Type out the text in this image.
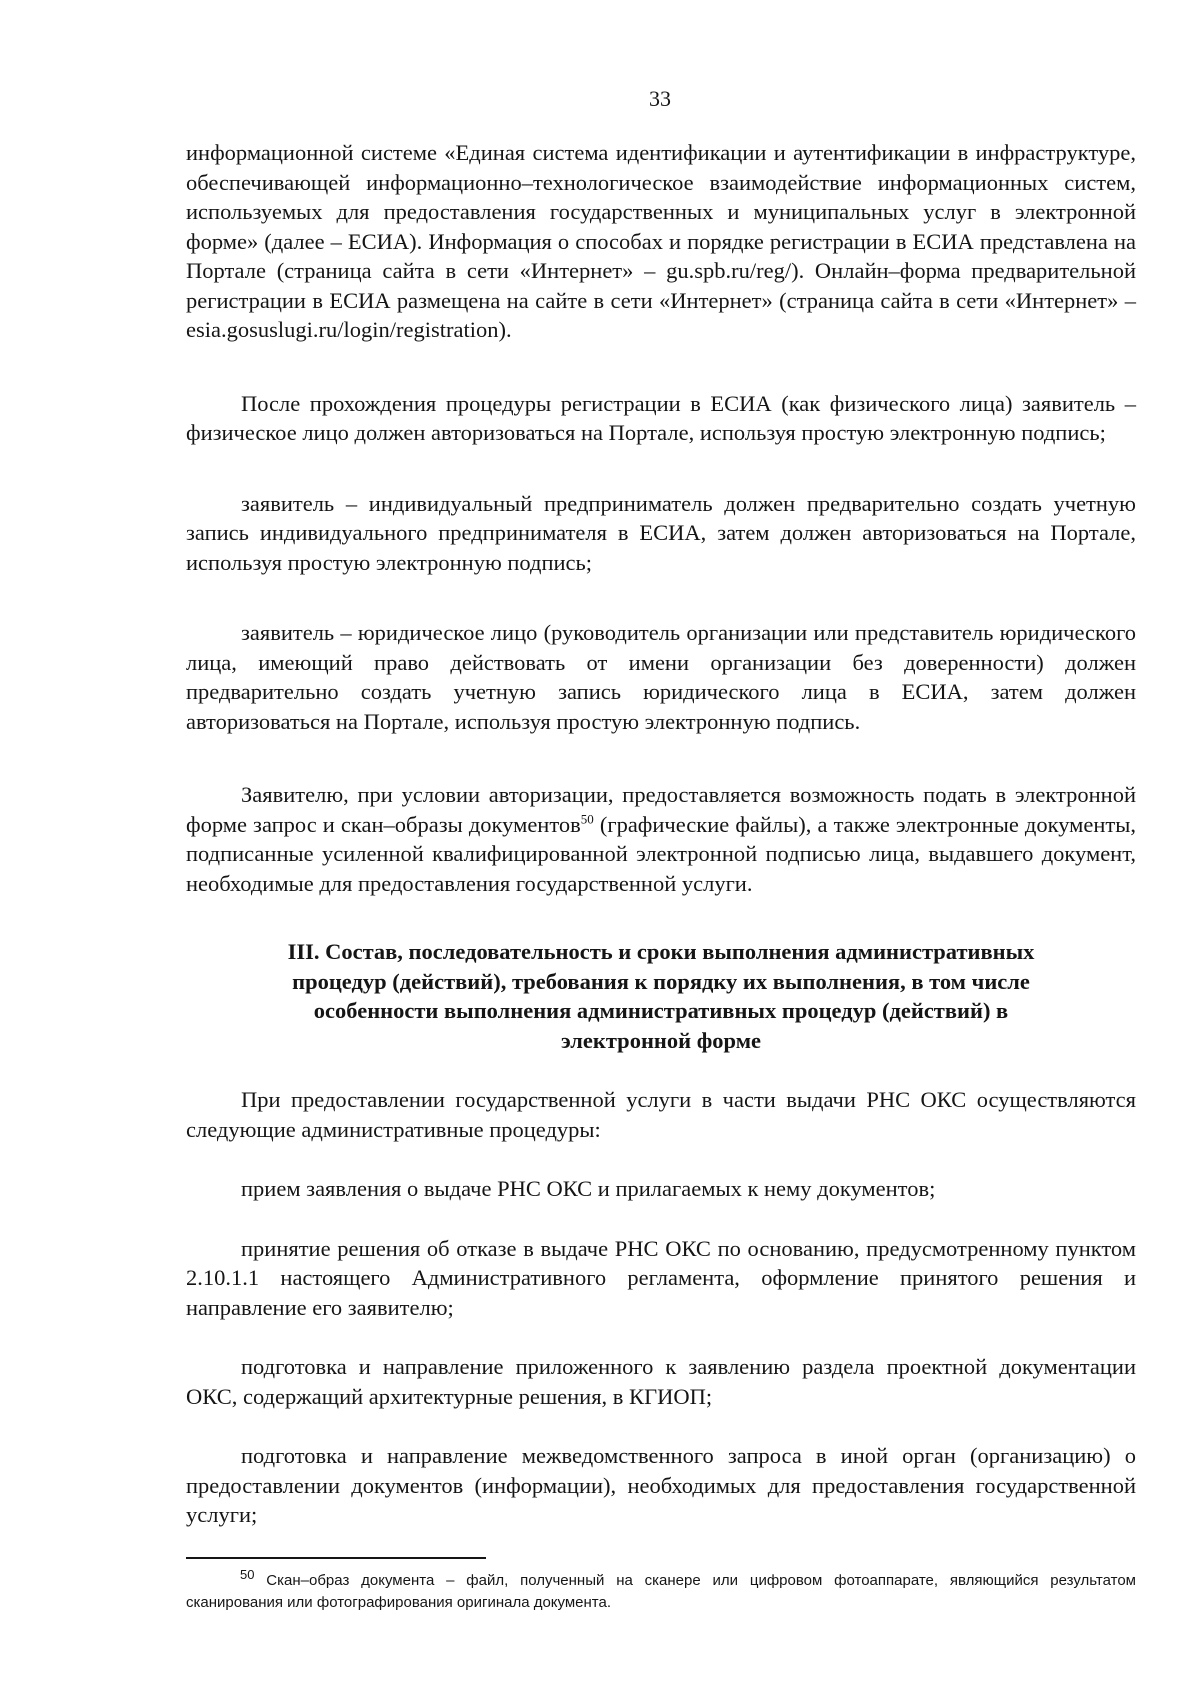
33

информационной системе «Единая система идентификации и аутентификации в инфраструктуре, обеспечивающей информационно–технологическое взаимодействие информационных систем, используемых для предоставления государственных и муниципальных услуг в электронной форме» (далее – ЕСИА). Информация о способах и порядке регистрации в ЕСИА представлена на Портале (страница сайта в сети «Интернет» – gu.spb.ru/reg/). Онлайн–форма предварительной регистрации в ЕСИА размещена на сайте в сети «Интернет» (страница сайта в сети «Интернет» – esia.gosuslugi.ru/login/registration).

После прохождения процедуры регистрации в ЕСИА (как физического лица) заявитель – физическое лицо должен авторизоваться на Портале, используя простую электронную подпись;

заявитель – индивидуальный предприниматель должен предварительно создать учетную запись индивидуального предпринимателя в ЕСИА, затем должен авторизоваться на Портале, используя простую электронную подпись;

заявитель – юридическое лицо (руководитель организации или представитель юридического лица, имеющий право действовать от имени организации без доверенности) должен предварительно создать учетную запись юридического лица в ЕСИА, затем должен авторизоваться на Портале, используя простую электронную подпись.

Заявителю, при условии авторизации, предоставляется возможность подать в электронной форме запрос и скан–образы документов$^{50}$ (графические файлы), а также электронные документы, подписанные усиленной квалифицированной электронной подписью лица, выдавшего документ, необходимые для предоставления государственной услуги.

III. Состав, последовательность и сроки выполнения административных процедур (действий), требования к порядку их выполнения, в том числе особенности выполнения административных процедур (действий) в электронной форме

При предоставлении государственной услуги в части выдачи РНС ОКС осуществляются следующие административные процедуры:

прием заявления о выдаче РНС ОКС и прилагаемых к нему документов;

принятие решения об отказе в выдаче РНС ОКС по основанию, предусмотренному пунктом 2.10.1.1 настоящего Административного регламента, оформление принятого решения и направление его заявителю;

подготовка и направление приложенного к заявлению раздела проектной документации ОКС, содержащий архитектурные решения, в КГИОП;

подготовка и направление межведомственного запроса в иной орган (организацию) о предоставлении документов (информации), необходимых для предоставления государственной услуги;

$^{50}$ Скан–образ документа – файл, полученный на сканере или цифровом фотоаппарате, являющийся результатом сканирования или фотографирования оригинала документа.
